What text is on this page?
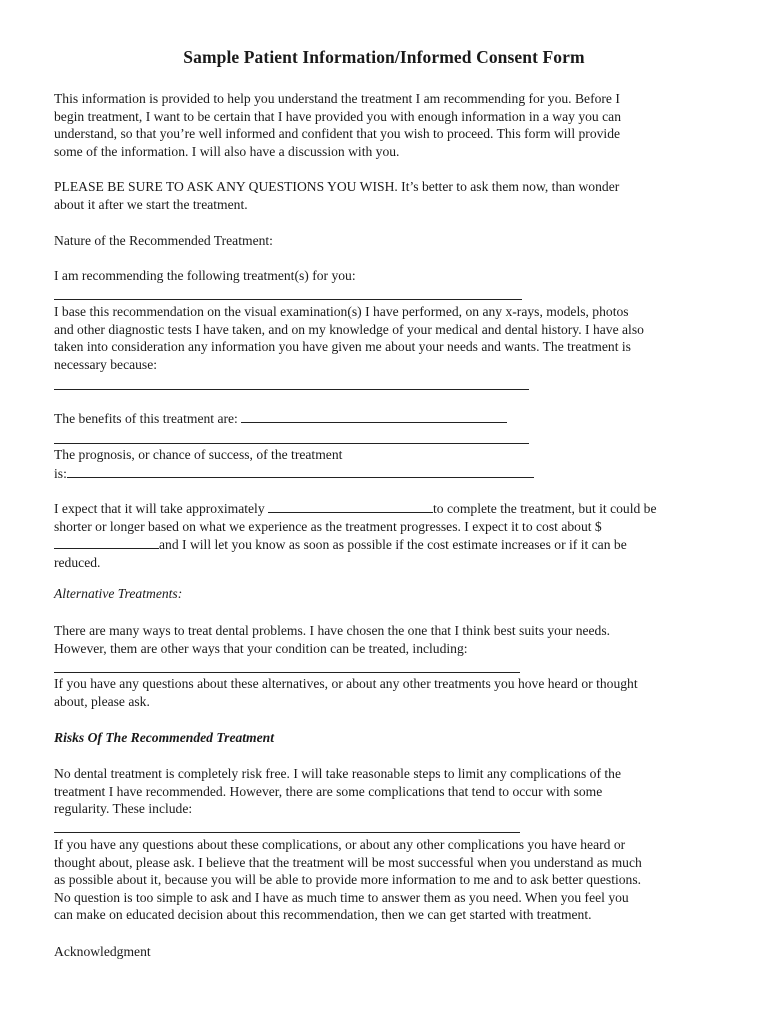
Sample Patient Information/Informed Consent Form
This information is provided to help you understand the treatment I am recommending for you. Before I
begin treatment, I want to be certain that I have provided you with enough information in a way you can
understand, so that you’re well informed and confident that you wish to proceed. This form will provide
some of the information. I will also have a discussion with you.
PLEASE BE SURE TO ASK ANY QUESTIONS YOU WISH. It’s better to ask them now, than wonder
about it after we start the treatment.
Nature of the Recommended Treatment:
I am recommending the following treatment(s) for you:
I base this recommendation on the visual examination(s) I have performed, on any x-rays, models, photos
and other diagnostic tests I have taken, and on my knowledge of your medical and dental history. I have also
taken into consideration any information you have given me about your needs and wants. The treatment is
necessary because:
The benefits of this treatment are:
The prognosis, or chance of success, of the treatment
is:
I expect that it will take approximately	to complete the treatment, but it could be
shorter or longer based on what we experience as the treatment progresses. I expect it to cost about $
and I will let you know as soon as possible if the cost estimate increases or if it can be
reduced.
Alternative Treatments:
There are many ways to treat dental problems. I have chosen the one that I think best suits your needs.
However, them are other ways that your condition can be treated, including:
If you have any questions about these alternatives, or about any other treatments you hove heard or thought
about, please ask.
Risks Of The Recommended Treatment
No dental treatment is completely risk free. I will take reasonable steps to limit any complications of the
treatment I have recommended. However, there are some complications that tend to occur with some
regularity. These include:
If you have any questions about these complications, or about any other complications you have heard or
thought about, please ask. I believe that the treatment will be most successful when you understand as much
as possible about it, because you will be able to provide more information to me and to ask better questions.
No question is too simple to ask and I have as much time to answer them as you need. When you feel you
can make on educated decision about this recommendation, then we can get started with treatment.
Acknowledgment
